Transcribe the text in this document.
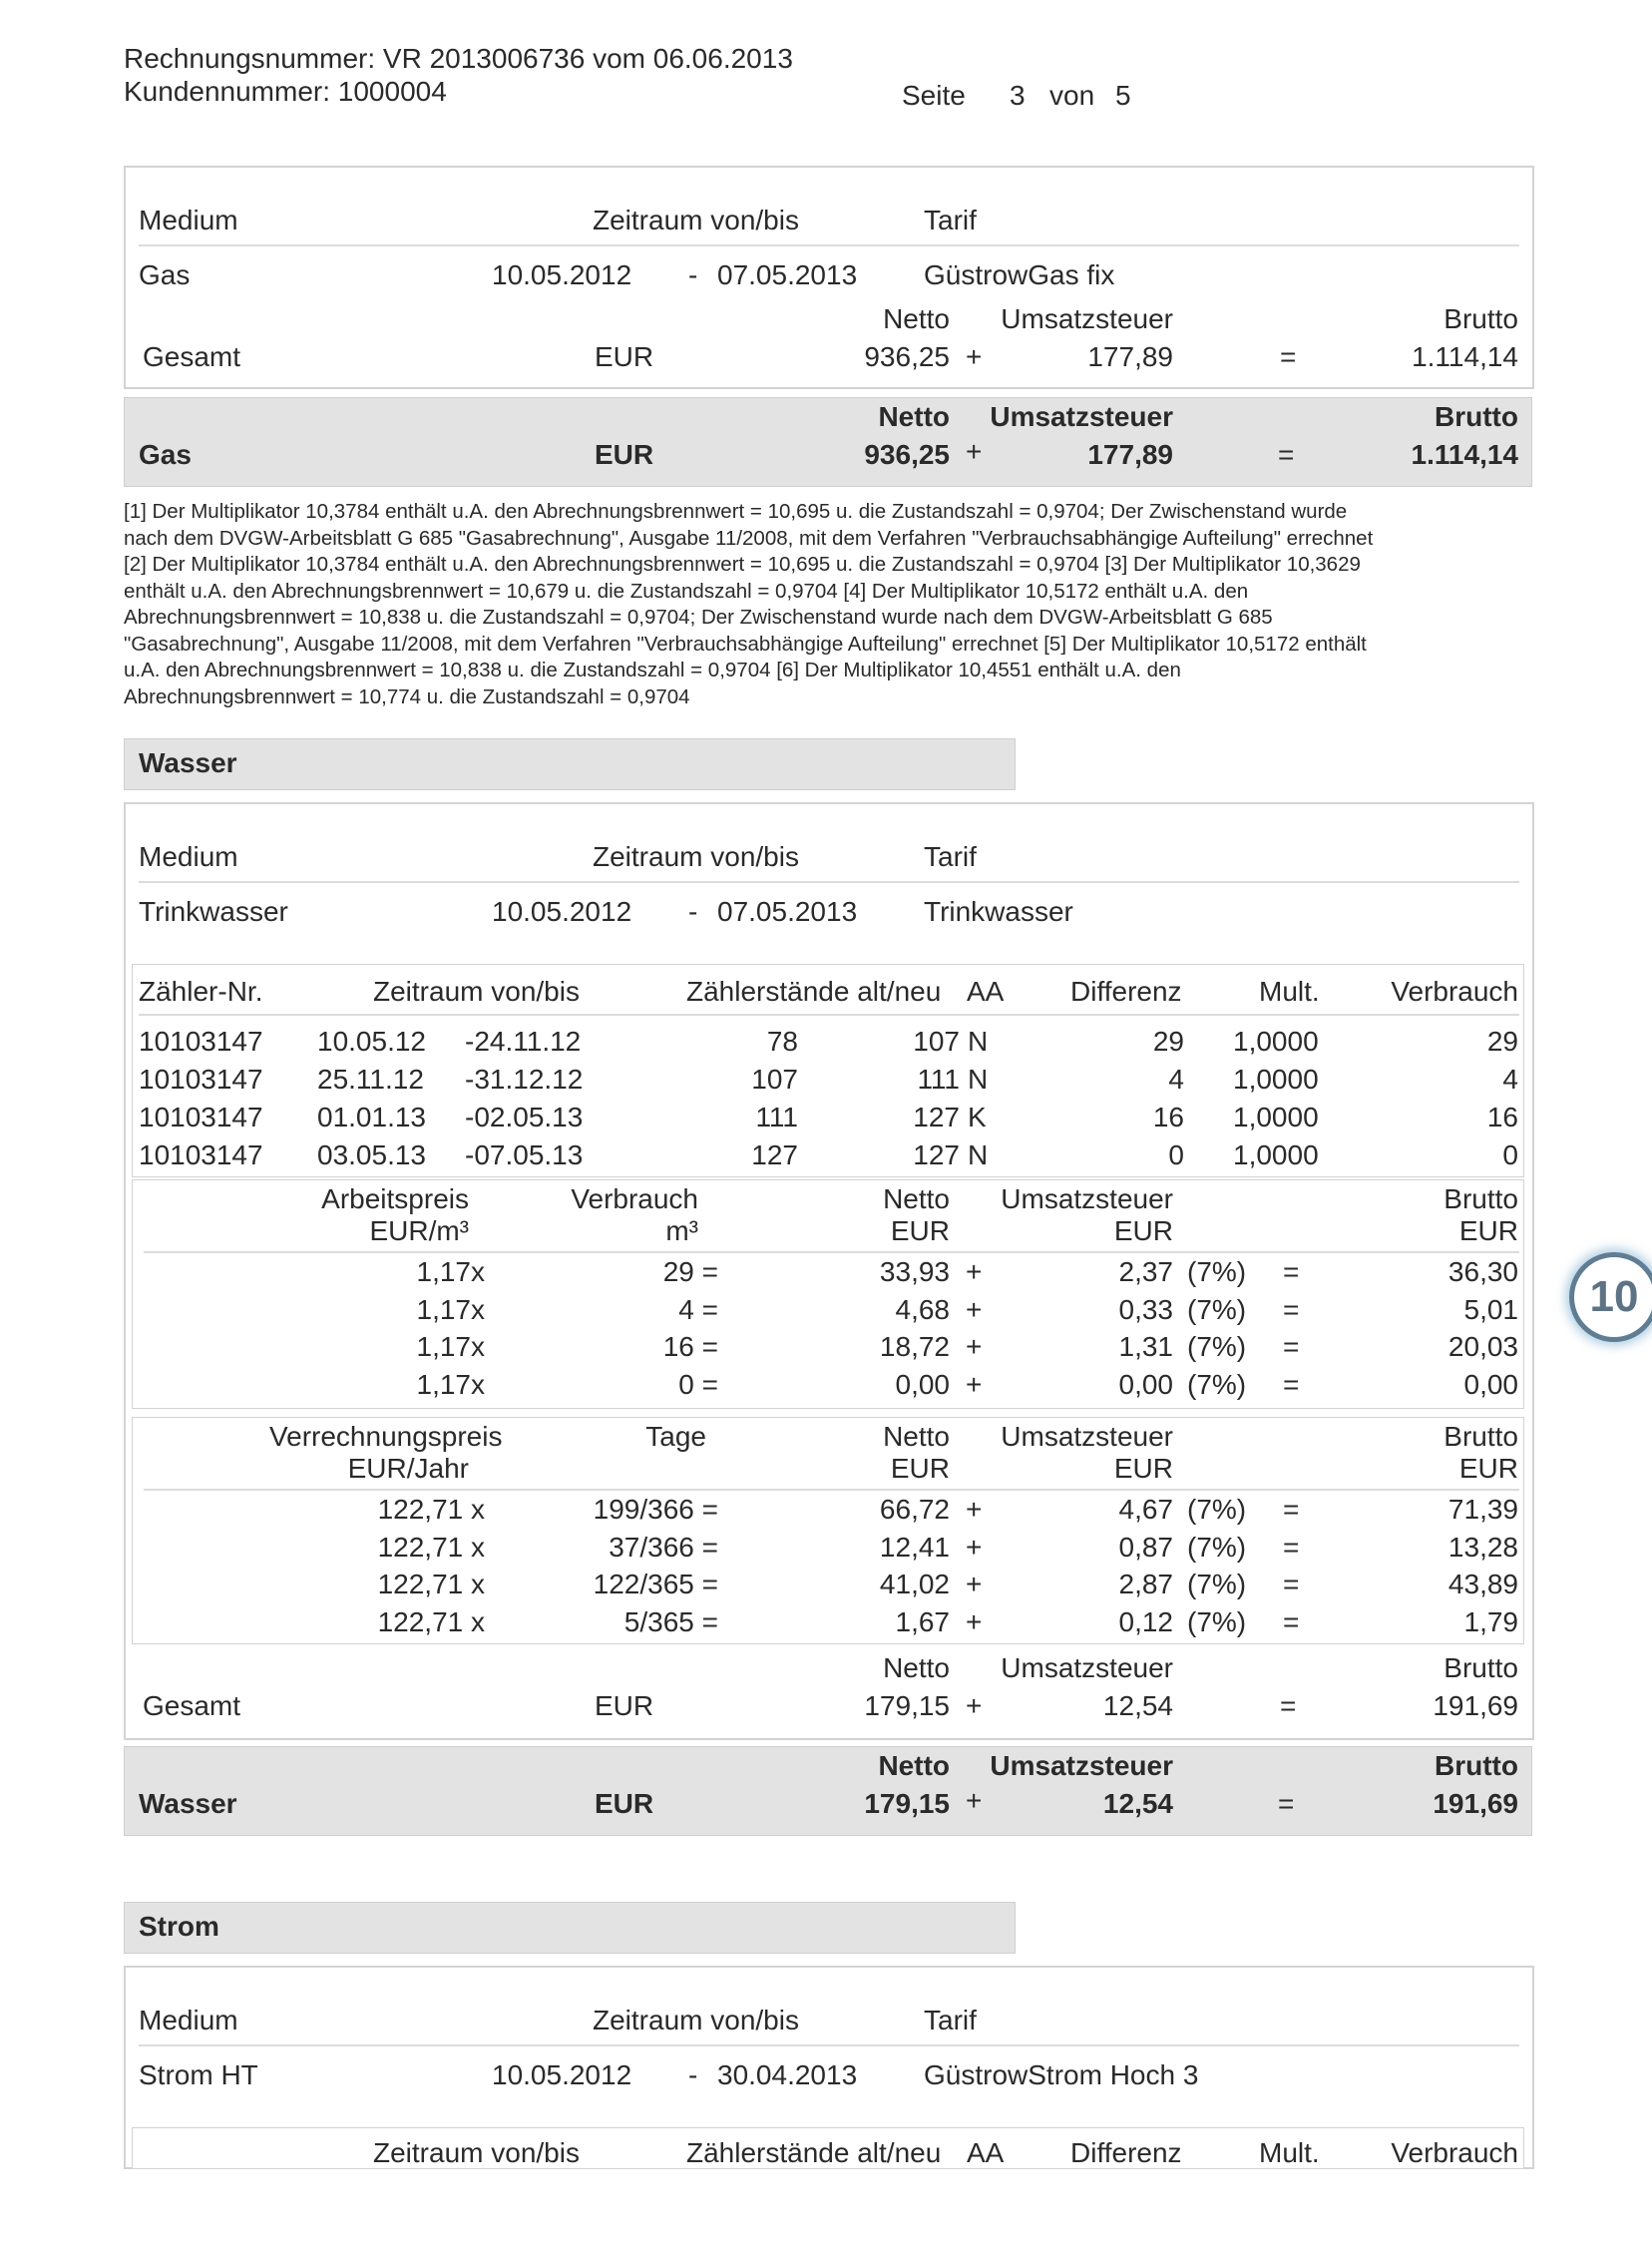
Rechnungsnummer: VR 2013006736 vom 06.06.2013
Kundennummer: 1000004	Seite 3 von 5
Medium	Zeitraum von/bis	Tarif
Gas	10.05.2012 - 07.05.2013 GüstrowGas fix
Netto	Umsatzsteuer	Brutto
Gesamt	EUR	936,25 +	177,89	=	1.114,14
Netto	Umsatzsteuer	Brutto
Gas	EUR	936,25 +	177,89	=	1.114,14
[1] Der Multiplikator 10,3784 enthält u.A. den Abrechnungsbrennwert = 10,695 u. die Zustandszahl = 0,9704; Der Zwischenstand wurde
nach dem DVGW-Arbeitsblatt G 685 "Gasabrechnung", Ausgabe 11/2008, mit dem Verfahren "Verbrauchsabhängige Aufteilung" errechnet
[2] Der Multiplikator 10,3784 enthält u.A. den Abrechnungsbrennwert = 10,695 u. die Zustandszahl = 0,9704 [3] Der Multiplikator 10,3629
enthält u.A. den Abrechnungsbrennwert = 10,679 u. die Zustandszahl = 0,9704 [4] Der Multiplikator 10,5172 enthält u.A. den
Abrechnungsbrennwert = 10,838 u. die Zustandszahl = 0,9704; Der Zwischenstand wurde nach dem DVGW-Arbeitsblatt G 685
"Gasabrechnung", Ausgabe 11/2008, mit dem Verfahren "Verbrauchsabhängige Aufteilung" errechnet [5] Der Multiplikator 10,5172 enthält
u.A. den Abrechnungsbrennwert = 10,838 u. die Zustandszahl = 0,9704 [6] Der Multiplikator 10,4551 enthält u.A. den
Abrechnungsbrennwert = 10,774 u. die Zustandszahl = 0,9704
Wasser
Medium	Zeitraum von/bis	Tarif
Trinkwasser	10.05.2012 - 07.05.2013 Trinkwasser
Zähler-Nr.	Zeitraum von/bis	Zählerstände alt/neu AA Differenz	Mult.	Verbrauch
10103147 10.05.12 -24.11.12	78	107 N	29 1,0000	29
10103147 25.11.12 -31.12.12	107	111 N	4 1,0000	4
10103147 01.01.13 -02.05.13	111	127 K	16 1,0000	16
10103147 03.05.13 -07.05.13	127	127 N	0 1,0000	0
Arbeitspreis	Verbrauch	Netto	Umsatzsteuer	Brutto
EUR/m³	m³	EUR	EUR	EUR
1,17x	29 =	33,93 +	2,37 (7%) =	36,30
1,17x	4 =	4,68 +	0,33 (7%) =	5,01
1,17x	16 =	18,72 +	1,31 (7%) =	20,03
1,17x	0 =	0,00 +	0,00 (7%) =	0,00
Verrechnungspreis	Tage	Netto	Umsatzsteuer	Brutto
EUR/Jahr	EUR	EUR	EUR
122,71 x	199/366 =	66,72 +	4,67 (7%) =	71,39
122,71 x	37/366 =	12,41 +	0,87 (7%) =	13,28
122,71 x	122/365 =	41,02 +	2,87 (7%) =	43,89
122,71 x	5/365 =	1,67 +	0,12 (7%) =	1,79
Netto	Umsatzsteuer	Brutto
Gesamt	EUR	179,15 +	12,54	=	191,69
Netto	Umsatzsteuer	Brutto
Wasser	EUR	179,15 +	12,54	=	191,69
Strom
Medium	Zeitraum von/bis	Tarif
Strom HT	10.05.2012 - 30.04.2013 GüstrowStrom Hoch 3
Zeitraum von/bis	Zählerstände alt/neu AA Differenz	Mult.	Verbrauch
10
